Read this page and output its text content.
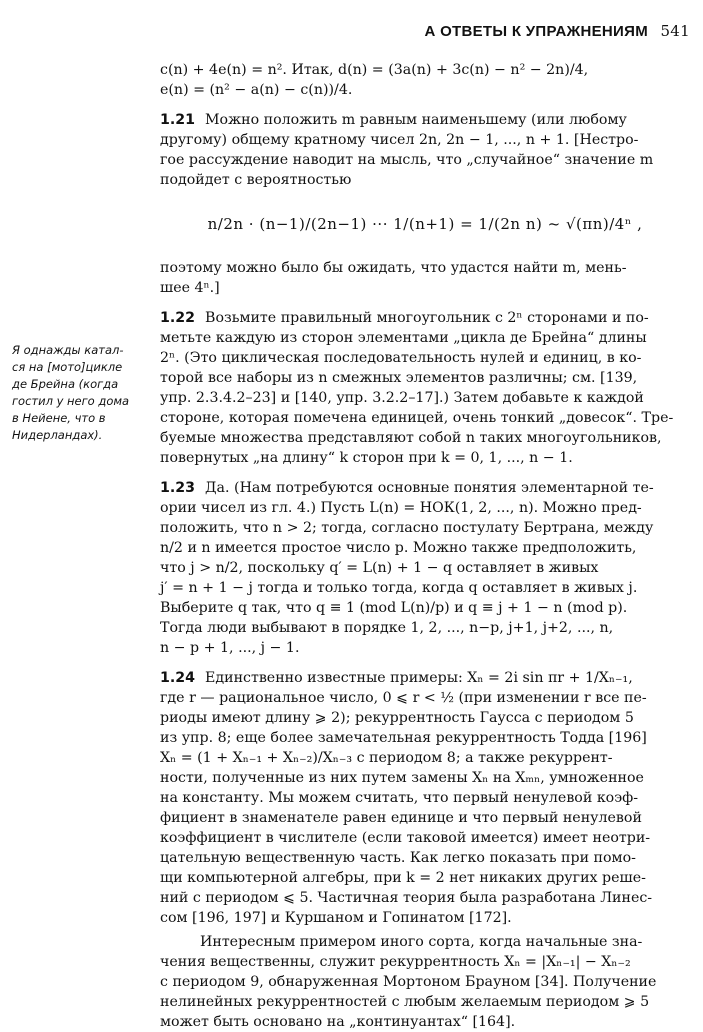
А ОТВЕТЫ К УПРАЖНЕНИЯМ 541
Я однажды катал-
ся на [мото]цикле
де Брейна (когда
гостил у него дома
в Нейене, что в
Нидерландах).

c(n) + 4e(n) = n². Итак, d(n) = (3a(n) + 3c(n) − n² − 2n)/4,
e(n) = (n² − a(n) − c(n))/4.

1.21 Можно положить m равным наименьшему (или любому
другому) общему кратному чисел 2n, 2n − 1, ..., n + 1. [Нестро-
гое рассуждение наводит на мысль, что „случайное“ значение m
подойдет с вероятностью

n/2n · (n−1)/(2n−1) ··· 1/(n+1) = 1/(2n n) ~ √(πn)/4ⁿ ,

поэтому можно было бы ожидать, что удастся найти m, мень-
шее 4ⁿ.]

1.22 Возьмите правильный многоугольник с 2ⁿ сторонами и по-
метьте каждую из сторон элементами „цикла де Брейна“ длины
2ⁿ. (Это циклическая последовательность нулей и единиц, в ко-
торой все наборы из n смежных элементов различны; см. [139,
упр. 2.3.4.2–23] и [140, упр. 3.2.2–17].) Затем добавьте к каждой
стороне, которая помечена единицей, очень тонкий „довесок“. Тре-
буемые множества представляют собой n таких многоугольников,
повернутых „на длину“ k сторон при k = 0, 1, ..., n − 1.

1.23 Да. (Нам потребуются основные понятия элементарной те-
ории чисел из гл. 4.) Пусть L(n) = НОК(1, 2, ..., n). Можно пред-
положить, что n > 2; тогда, согласно постулату Бертрана, между
n/2 и n имеется простое число p. Можно также предположить,
что j > n/2, поскольку q′ = L(n) + 1 − q оставляет в живых
j′ = n + 1 − j тогда и только тогда, когда q оставляет в живых j.
Выберите q так, что q ≡ 1 (mod L(n)/p) и q ≡ j + 1 − n (mod p).
Тогда люди выбывают в порядке 1, 2, ..., n−p, j+1, j+2, ..., n,
n − p + 1, ..., j − 1.

1.24 Единственно известные примеры: Xₙ = 2i sin πr + 1/Xₙ₋₁,
где r — рациональное число, 0 ⩽ r < ½ (при изменении r все пе-
риоды имеют длину ⩾ 2); рекуррентность Гаусса с периодом 5
из упр. 8; еще более замечательная рекуррентность Тодда [196]
Xₙ = (1 + Xₙ₋₁ + Xₙ₋₂)/Xₙ₋₃ с периодом 8; а также рекуррент-
ности, полученные из них путем замены Xₙ на Xₘₙ, умноженное
на константу. Мы можем считать, что первый ненулевой коэф-
фициент в знаменателе равен единице и что первый ненулевой
коэффициент в числителе (если таковой имеется) имеет неотри-
цательную вещественную часть. Как легко показать при помо-
щи компьютерной алгебры, при k = 2 нет никаких других реше-
ний с периодом ⩽ 5. Частичная теория была разработана Линес-
сом [196, 197] и Куршаном и Гопинатом [172].

Интересным примером иного сорта, когда начальные зна-
чения вещественны, служит рекуррентность Xₙ = |Xₙ₋₁| − Xₙ₋₂
с периодом 9, обнаруженная Мортоном Брауном [34]. Получение
нелинейных рекуррентностей с любым желаемым периодом ⩾ 5
может быть основано на „континуантах“ [164].
